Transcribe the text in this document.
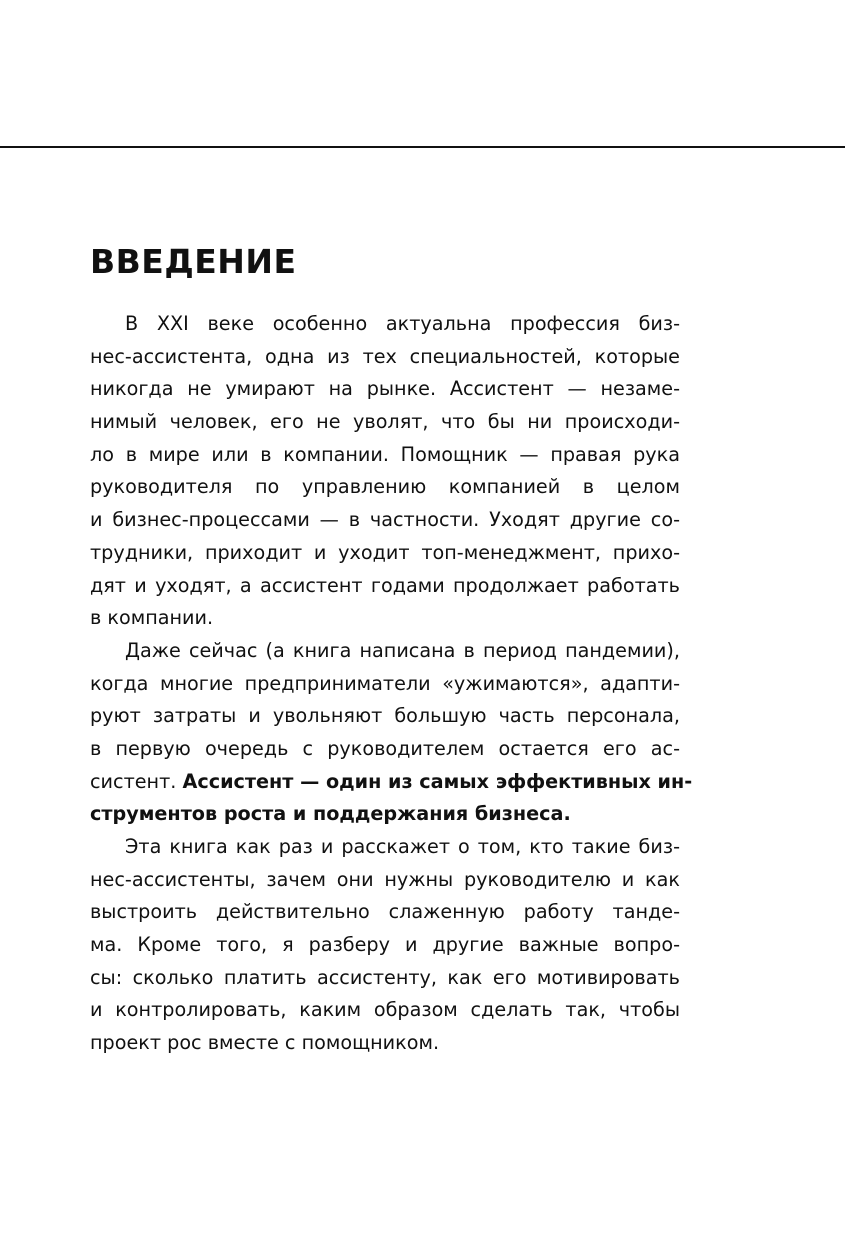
ВВЕДЕНИЕ
В XXI веке особенно актуальна профессия биз-
нес-ассистента, одна из тех специальностей, которые
никогда не умирают на рынке. Ассистент — незаме-
нимый человек, его не уволят, что бы ни происходи-
ло в мире или в компании. Помощник — правая рука
руководителя по управлению компанией в целом
и бизнес-процессами — в частности. Уходят другие со-
трудники, приходит и уходит топ-менеджмент, прихо-
дят и уходят, а ассистент годами продолжает работать
в компании.
Даже сейчас (а книга написана в период пандемии),
когда многие предприниматели «ужимаются», адапти-
руют затраты и увольняют большую часть персонала,
в первую очередь с руководителем остается его ас-
систент. Ассистент — один из самых эффективных ин-
струментов роста и поддержания бизнеса.
Эта книга как раз и расскажет о том, кто такие биз-
нес-ассистенты, зачем они нужны руководителю и как
выстроить действительно слаженную работу танде-
ма. Кроме того, я разберу и другие важные вопро-
сы: сколько платить ассистенту, как его мотивировать
и контролировать, каким образом сделать так, чтобы
проект рос вместе с помощником.
